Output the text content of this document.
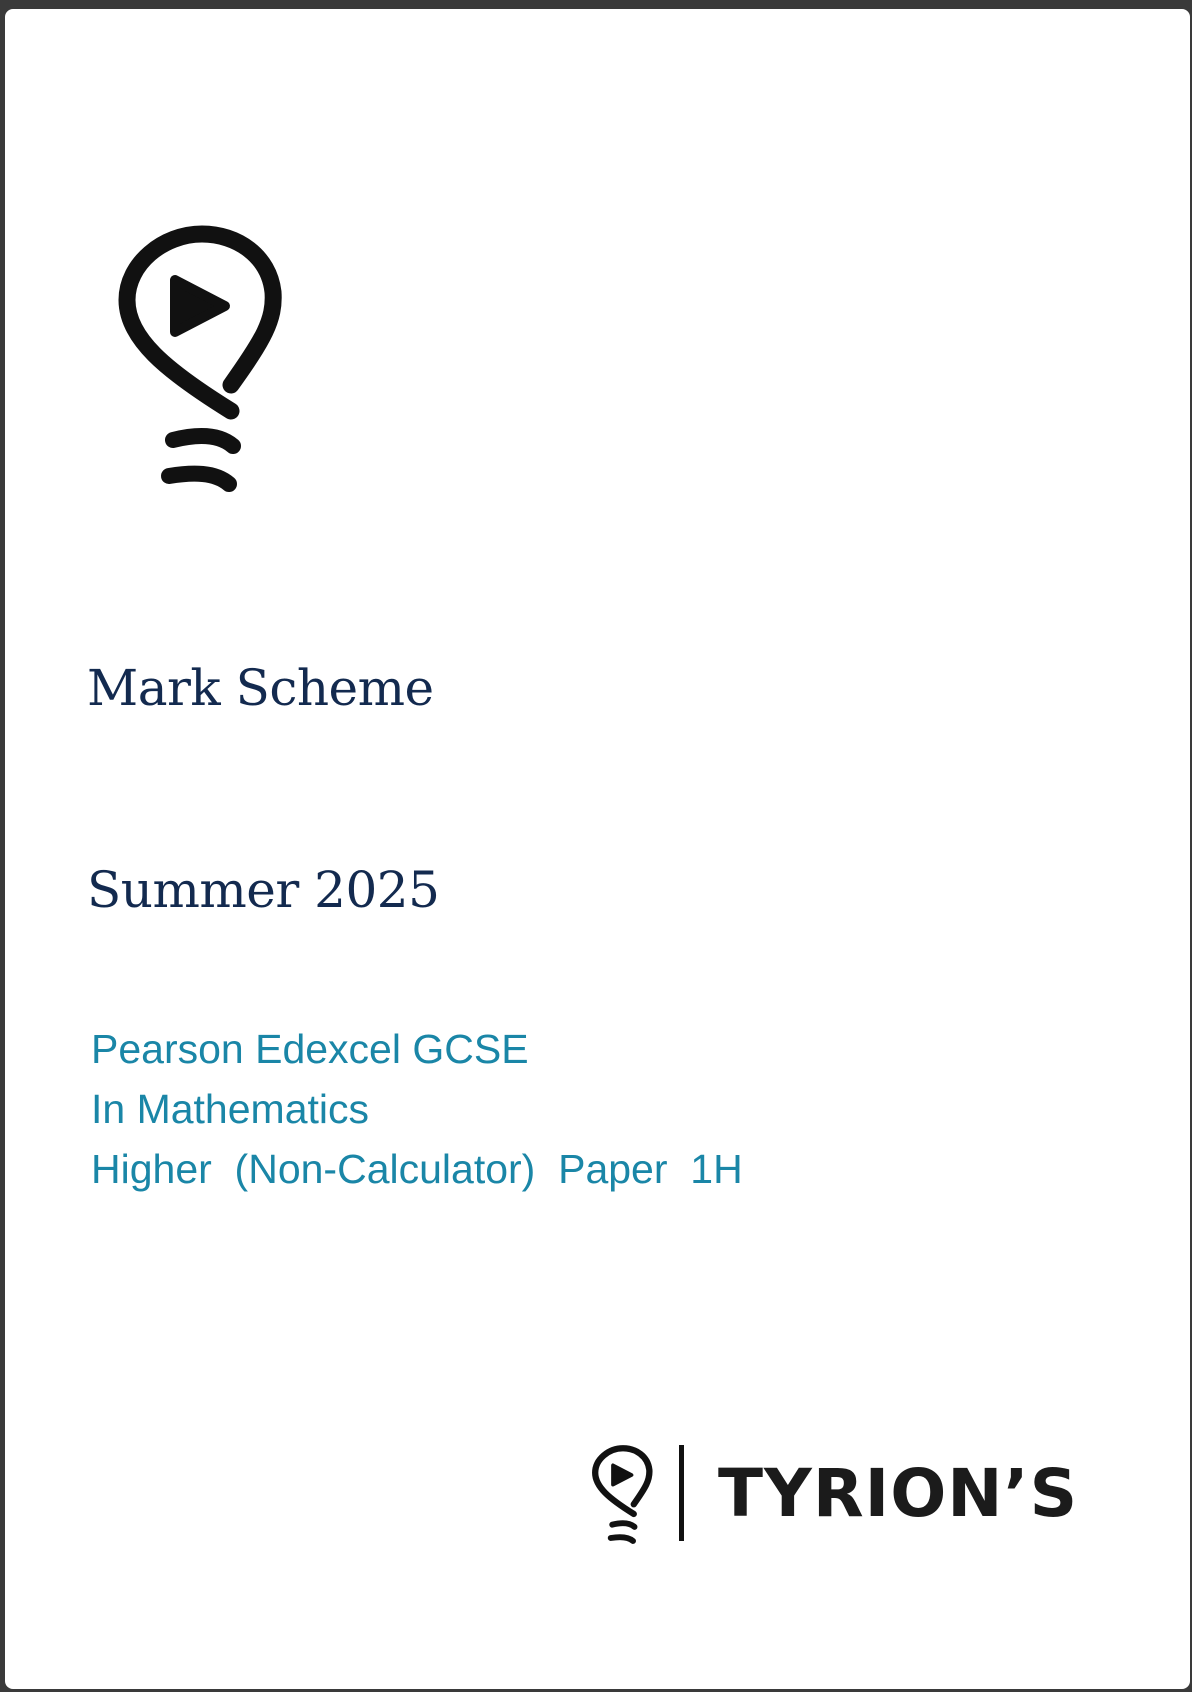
Mark Scheme
Summer 2025
Pearson Edexcel GCSE
In Mathematics
Higher  (Non-Calculator)  Paper  1H
TYRION’S
